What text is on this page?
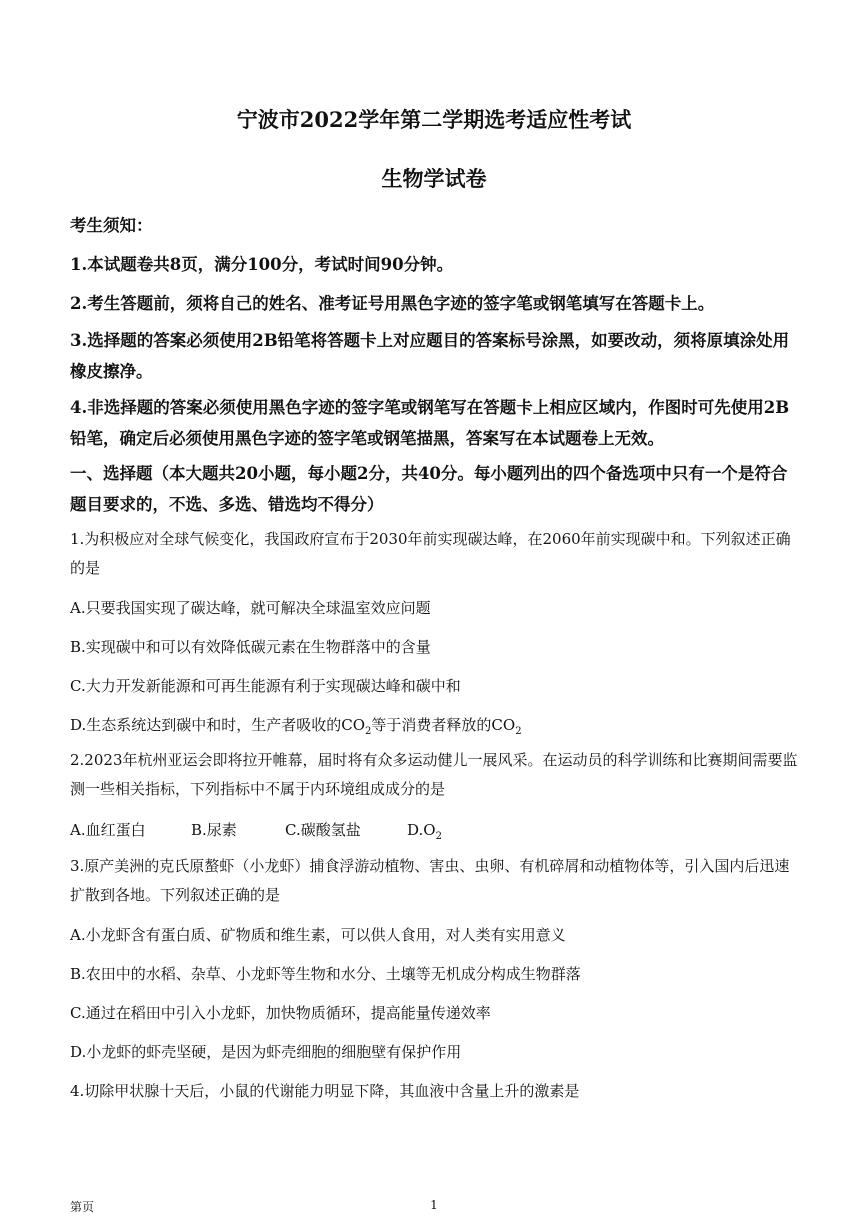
宁波市2022学年第二学期选考适应性考试
生物学试卷
考生须知：
1.本试题卷共8页，满分100分，考试时间90分钟。
2.考生答题前，须将自己的姓名、准考证号用黑色字迹的签字笔或钢笔填写在答题卡上。
3.选择题的答案必须使用2B铅笔将答题卡上对应题目的答案标号涂黑，如要改动，须将原填涂处用橡皮擦净。
4.非选择题的答案必须使用黑色字迹的签字笔或钢笔写在答题卡上相应区域内，作图时可先使用2B铅笔，确定后必须使用黑色字迹的签字笔或钢笔描黑，答案写在本试题卷上无效。
一、选择题（本大题共20小题，每小题2分，共40分。每小题列出的四个备选项中只有一个是符合题目要求的，不选、多选、错选均不得分）
1.为积极应对全球气候变化，我国政府宣布于2030年前实现碳达峰，在2060年前实现碳中和。下列叙述正确的是
A.只要我国实现了碳达峰，就可解决全球温室效应问题
B.实现碳中和可以有效降低碳元素在生物群落中的含量
C.大力开发新能源和可再生能源有利于实现碳达峰和碳中和
D.生态系统达到碳中和时，生产者吸收的$CO_2$等于消费者释放的$CO_2$
2.2023年杭州亚运会即将拉开帷幕，届时将有众多运动健儿一展风采。在运动员的科学训练和比赛期间需要监测一些相关指标，下列指标中不属于内环境组成成分的是
A.血红蛋白	B.尿素	C.碳酸氢盐	$D.O_2$
3.原产美洲的克氏原螯虾（小龙虾）捕食浮游动植物、害虫、虫卵、有机碎屑和动植物体等，引入国内后迅速扩散到各地。下列叙述正确的是
A.小龙虾含有蛋白质、矿物质和维生素，可以供人食用，对人类有实用意义
B.农田中的水稻、杂草、小龙虾等生物和水分、土壤等无机成分构成生物群落
C.通过在稻田中引入小龙虾，加快物质循环，提高能量传递效率
D.小龙虾的虾壳坚硬，是因为虾壳细胞的细胞壁有保护作用
4.切除甲状腺十天后，小鼠的代谢能力明显下降，其血液中含量上升的激素是
第页	1
